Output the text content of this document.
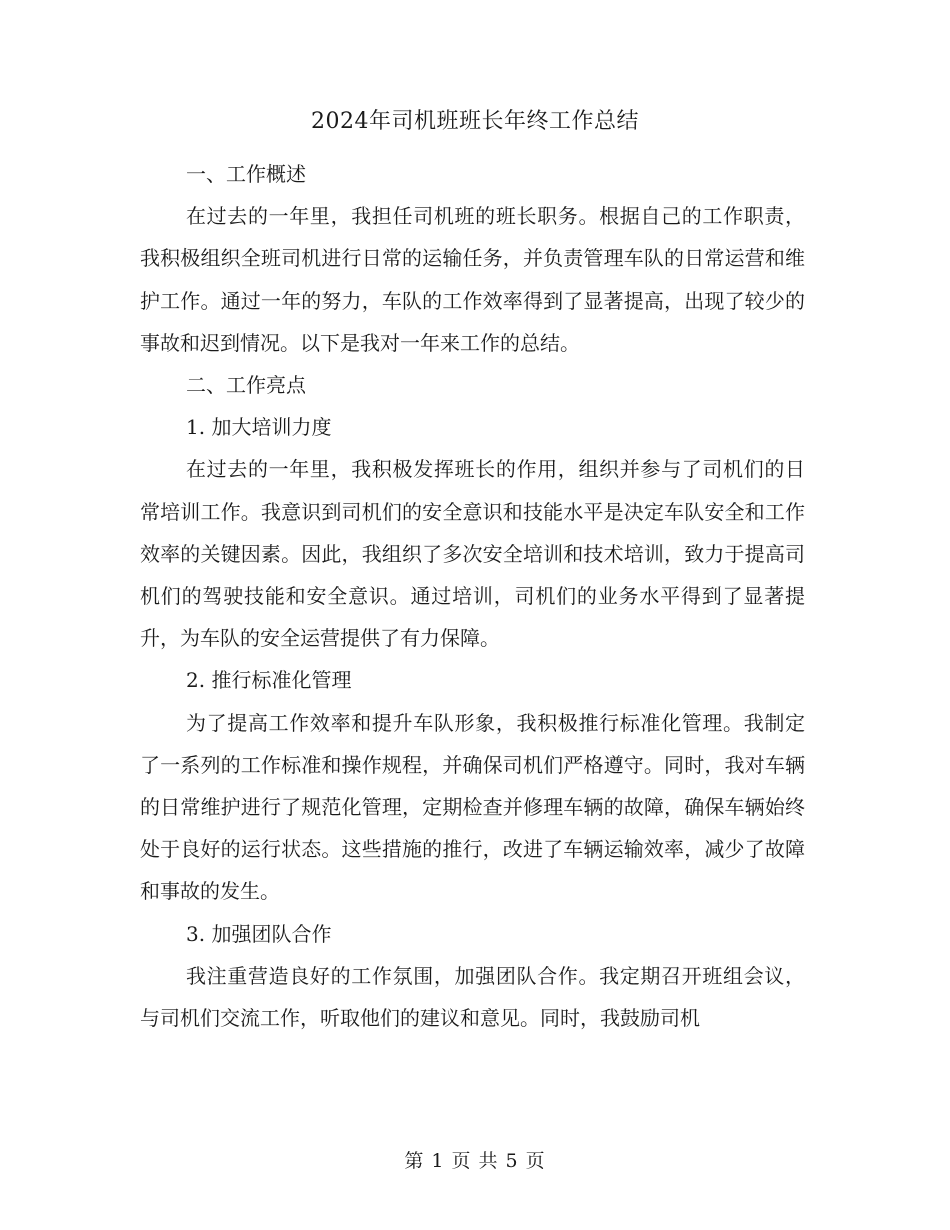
2024年司机班班长年终工作总结

一、工作概述

在过去的一年里，我担任司机班的班长职务。根据自己的工作职责，我积极组织全班司机进行日常的运输任务，并负责管理车队的日常运营和维护工作。通过一年的努力，车队的工作效率得到了显著提高，出现了较少的事故和迟到情况。以下是我对一年来工作的总结。

二、工作亮点

1. 加大培训力度

在过去的一年里，我积极发挥班长的作用，组织并参与了司机们的日常培训工作。我意识到司机们的安全意识和技能水平是决定车队安全和工作效率的关键因素。因此，我组织了多次安全培训和技术培训，致力于提高司机们的驾驶技能和安全意识。通过培训，司机们的业务水平得到了显著提升，为车队的安全运营提供了有力保障。

2. 推行标准化管理

为了提高工作效率和提升车队形象，我积极推行标准化管理。我制定了一系列的工作标准和操作规程，并确保司机们严格遵守。同时，我对车辆的日常维护进行了规范化管理，定期检查并修理车辆的故障，确保车辆始终处于良好的运行状态。这些措施的推行，改进了车辆运输效率，减少了故障和事故的发生。

3. 加强团队合作

我注重营造良好的工作氛围，加强团队合作。我定期召开班组会议，与司机们交流工作，听取他们的建议和意见。同时，我鼓励司机

第 1 页 共 5 页
